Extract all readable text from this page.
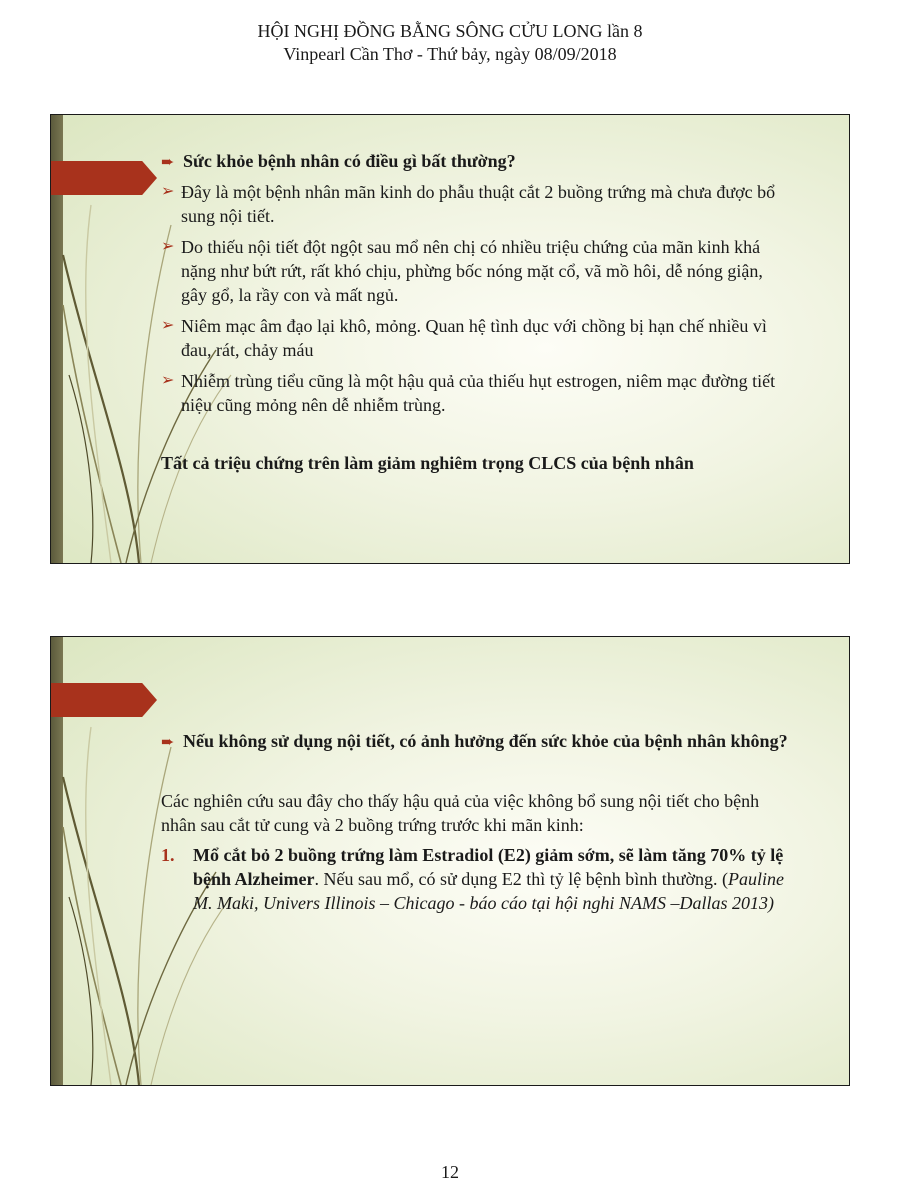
HỘI NGHỊ ĐỒNG BẰNG SÔNG CỬU LONG lần 8
Vinpearl Cần Thơ - Thứ bảy, ngày 08/09/2018
➨ Sức khỏe bệnh nhân có điều gì bất thường?
➢ Đây là một bệnh nhân mãn kinh do phẫu thuật cắt 2 buồng trứng mà chưa được bổ sung nội tiết.
➢ Do thiếu nội tiết đột ngột sau mổ nên chị có nhiều triệu chứng của mãn kinh khá nặng như bứt rứt, rất khó chịu, phừng bốc nóng mặt cổ, vã mồ hôi, dễ nóng giận, gây gổ, la rầy con và mất ngủ.
➢ Niêm mạc âm đạo lại khô, mỏng. Quan hệ tình dục với chồng bị hạn chế nhiều vì đau, rát, chảy máu
➢ Nhiễm trùng tiểu cũng là một hậu quả của thiếu hụt estrogen, niêm mạc đường tiết niệu cũng mỏng nên dễ nhiễm trùng.
Tất cả triệu chứng trên làm giảm nghiêm trọng CLCS của bệnh nhân
➨ Nếu không sử dụng nội tiết, có ảnh hưởng đến sức khỏe của bệnh nhân không?
Các nghiên cứu sau đây cho thấy hậu quả của việc không bổ sung nội tiết cho bệnh nhân sau cắt tử cung và 2 buồng trứng trước khi mãn kinh:
1. Mổ cắt bỏ 2 buồng trứng làm Estradiol (E2) giảm sớm, sẽ làm tăng 70% tỷ lệ bệnh Alzheimer. Nếu sau mổ, có sử dụng E2 thì tỷ lệ bệnh bình thường. (Pauline M. Maki, Univers Illinois – Chicago - báo cáo tại hội nghi NAMS –Dallas 2013)
12
